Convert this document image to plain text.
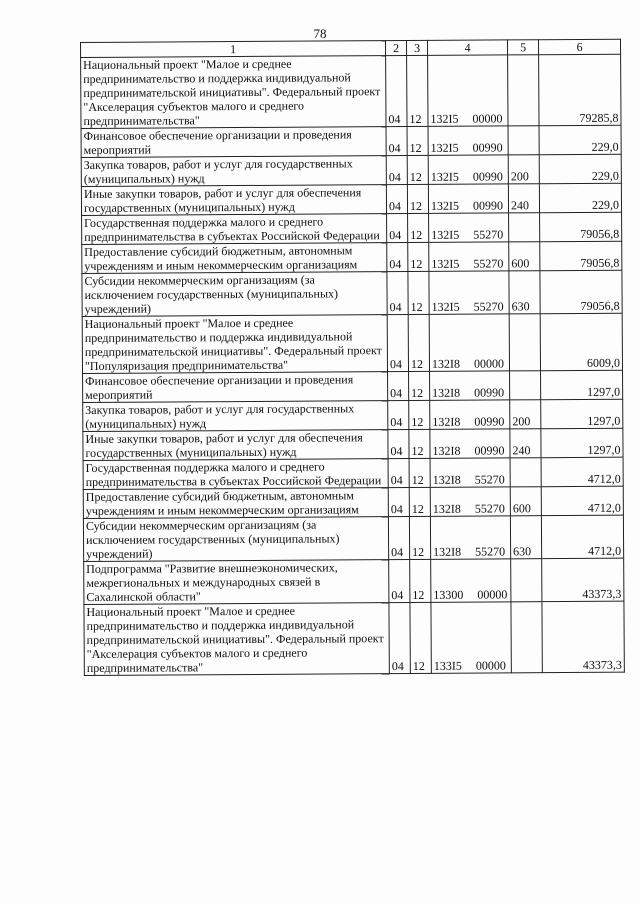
78
1	2	3	4	5	6
Национальный проект "Малое и среднее предпринимательство и поддержка индивидуальной предпринимательской инициативы". Федеральный проект "Акселерация субъектов малого и среднего предпринимательства"	04	12	132I5 00000		79285,8
Финансовое обеспечение организации и проведения мероприятий	04	12	132I5 00990		229,0
Закупка товаров, работ и услуг для государственных (муниципальных) нужд	04	12	132I5 00990	200	229,0
Иные закупки товаров, работ и услуг для обеспечения государственных (муниципальных) нужд	04	12	132I5 00990	240	229,0
Государственная поддержка малого и среднего предпринимательства в субъектах Российской Федерации	04	12	132I5 55270		79056,8
Предоставление субсидий бюджетным, автономным учреждениям и иным некоммерческим организациям	04	12	132I5 55270	600	79056,8
Субсидии некоммерческим организациям (за исключением государственных (муниципальных) учреждений)	04	12	132I5 55270	630	79056,8
Национальный проект "Малое и среднее предпринимательство и поддержка индивидуальной предпринимательской инициативы". Федеральный проект "Популяризация предпринимательства"	04	12	132I8 00000		6009,0
Финансовое обеспечение организации и проведения мероприятий	04	12	132I8 00990		1297,0
Закупка товаров, работ и услуг для государственных (муниципальных) нужд	04	12	132I8 00990	200	1297,0
Иные закупки товаров, работ и услуг для обеспечения государственных (муниципальных) нужд	04	12	132I8 00990	240	1297,0
Государственная поддержка малого и среднего предпринимательства в субъектах Российской Федерации	04	12	132I8 55270		4712,0
Предоставление субсидий бюджетным, автономным учреждениям и иным некоммерческим организациям	04	12	132I8 55270	600	4712,0
Субсидии некоммерческим организациям (за исключением государственных (муниципальных) учреждений)	04	12	132I8 55270	630	4712,0
Подпрограмма "Развитие внешнеэкономических, межрегиональных и международных связей в Сахалинской области"	04	12	13300 00000		43373,3
Национальный проект "Малое и среднее предпринимательство и поддержка индивидуальной предпринимательской инициативы". Федеральный проект "Акселерация субъектов малого и среднего предпринимательства"	04	12	133I5 00000		43373,3
